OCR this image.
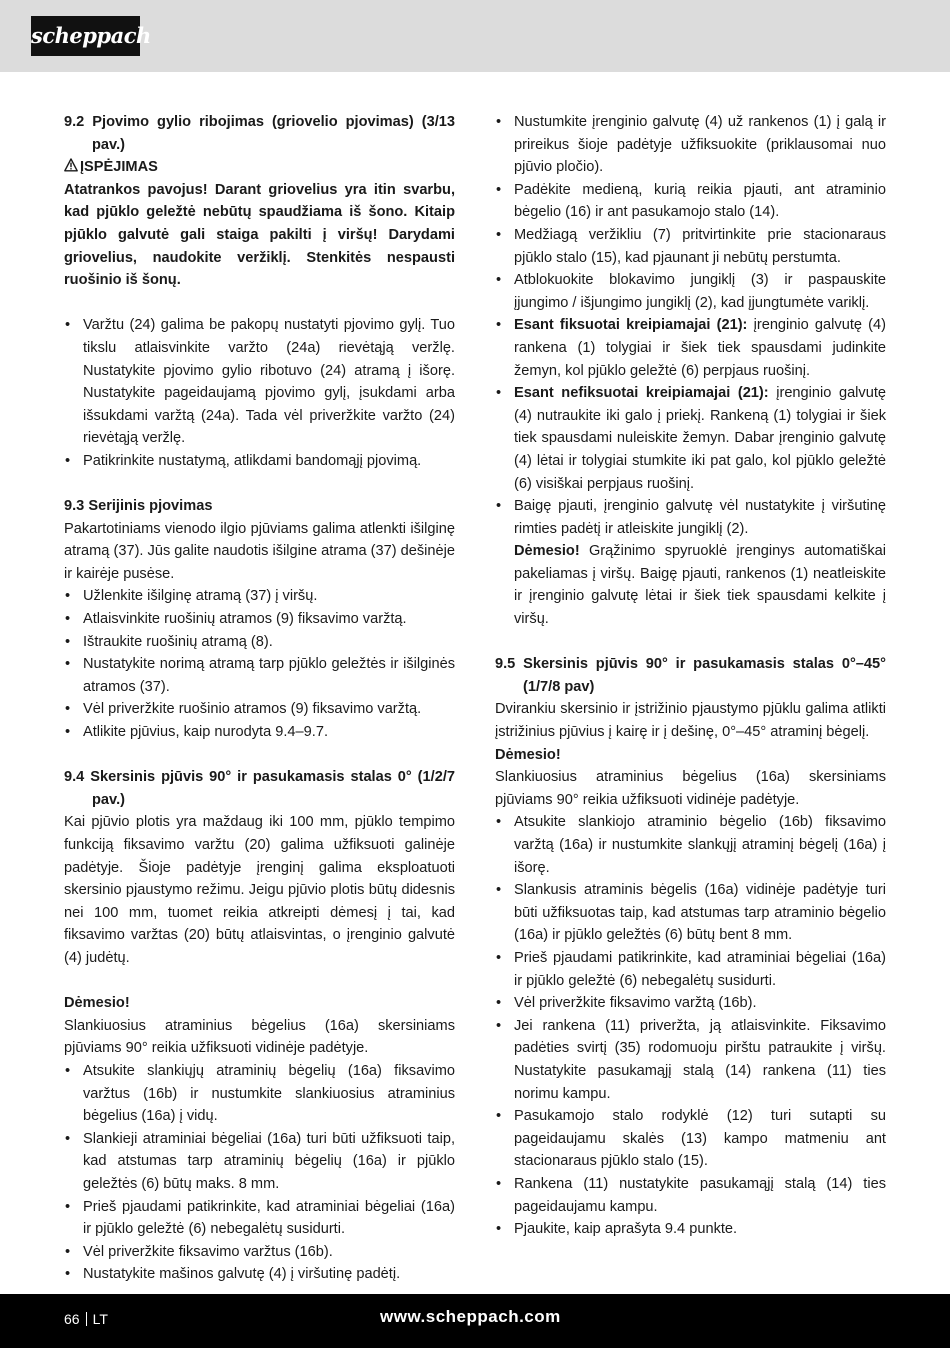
scheppach

9.2 Pjovimo gylio ribojimas (griovelio pjovimas) (3/13 pav.)

ĮSPĖJIMAS

Atatrankos pavojus! Darant griovelius yra itin svarbu, kad pjūklo geležtė nebūtų spaudžiama iš šono. Kitaip pjūklo galvutė gali staiga pakilti į viršų! Darydami griovelius, naudokite veržiklį. Stenkitės nespausti ruošinio iš šonų.

• Varžtu (24) galima be pakopų nustatyti pjovimo gylį. Tuo tikslu atlaisvinkite varžto (24a) rievėtąją veržlę. Nustatykite pjovimo gylio ribotuvo (24) atramą į išorę. Nustatykite pageidaujamą pjovimo gylį, įsukdami arba išsukdami varžtą (24a). Tada vėl priveržkite varžto (24) rievėtąją veržlę.

• Patikrinkite nustatymą, atlikdami bandomąjį pjovimą.

9.3 Serijinis pjovimas

Pakartotiniams vienodo ilgio pjūviams galima atlenkti išilginę atramą (37). Jūs galite naudotis išilgine atrama (37) dešinėje ir kairėje pusėse.

• Užlenkite išilginę atramą (37) į viršų.

• Atlaisvinkite ruošinių atramos (9) fiksavimo varžtą.

• Ištraukite ruošinių atramą (8).

• Nustatykite norimą atramą tarp pjūklo geležtės ir išilginės atramos (37).

• Vėl priveržkite ruošinio atramos (9) fiksavimo varžtą.

• Atlikite pjūvius, kaip nurodyta 9.4–9.7.

9.4 Skersinis pjūvis 90° ir pasukamasis stalas 0° (1/2/7 pav.)

Kai pjūvio plotis yra maždaug iki 100 mm, pjūklo tempimo funkciją fiksavimo varžtu (20) galima užfiksuoti galinėje padėtyje. Šioje padėtyje įrenginį galima eksploatuoti skersinio pjaustymo režimu. Jeigu pjūvio plotis būtų didesnis nei 100 mm, tuomet reikia atkreipti dėmesį į tai, kad fiksavimo varžtas (20) būtų atlaisvintas, o įrenginio galvutė (4) judėtų.

Dėmesio!

Slankiuosius atraminius bėgelius (16a) skersiniams pjūviams 90° reikia užfiksuoti vidinėje padėtyje.

• Atsukite slankiųjų atraminių bėgelių (16a) fiksavimo varžtus (16b) ir nustumkite slankiuosius atraminius bėgelius (16a) į vidų.

• Slankieji atraminiai bėgeliai (16a) turi būti užfiksuoti taip, kad atstumas tarp atraminių bėgelių (16a) ir pjūklo geležtės (6) būtų maks. 8 mm.

• Prieš pjaudami patikrinkite, kad atraminiai bėgeliai (16a) ir pjūklo geležtė (6) nebegalėtų susidurti.

• Vėl priveržkite fiksavimo varžtus (16b).

• Nustatykite mašinos galvutę (4) į viršutinę padėtį.

• Nustumkite įrenginio galvutę (4) už rankenos (1) į galą ir prireikus šioje padėtyje užfiksuokite (priklausomai nuo pjūvio pločio).

• Padėkite medieną, kurią reikia pjauti, ant atraminio bėgelio (16) ir ant pasukamojo stalo (14).

• Medžiagą veržikliu (7) pritvirtinkite prie stacionaraus pjūklo stalo (15), kad pjaunant ji nebūtų perstumta.

• Atblokuokite blokavimo jungiklį (3) ir paspauskite įjungimo / išjungimo jungiklį (2), kad įjungtumėte variklį.

• Esant fiksuotai kreipiamajai (21): įrenginio galvutę (4) rankena (1) tolygiai ir šiek tiek spausdami judinkite žemyn, kol pjūklo geležtė (6) perpjaus ruošinį.

• Esant nefiksuotai kreipiamajai (21): įrenginio galvutę (4) nutraukite iki galo į priekį. Rankeną (1) tolygiai ir šiek tiek spausdami nuleiskite žemyn. Dabar įrenginio galvutę (4) lėtai ir tolygiai stumkite iki pat galo, kol pjūklo geležtė (6) visiškai perpjaus ruošinį.

• Baigę pjauti, įrenginio galvutę vėl nustatykite į viršutinę rimties padėtį ir atleiskite jungiklį (2).

Dėmesio! Grąžinimo spyruoklė įrenginys automatiškai pakeliamas į viršų. Baigę pjauti, rankenos (1) neatleiskite ir įrenginio galvutę lėtai ir šiek tiek spausdami kelkite į viršų.

9.5 Skersinis pjūvis 90° ir pasukamasis stalas 0°–45° (1/7/8 pav)

Dvirankiu skersinio ir įstrižinio pjaustymo pjūklu galima atlikti įstrižinius pjūvius į kairę ir į dešinę, 0°–45° atraminį bėgelį.

Dėmesio!

Slankiuosius atraminius bėgelius (16a) skersiniams pjūviams 90° reikia užfiksuoti vidinėje padėtyje.

• Atsukite slankiojo atraminio bėgelio (16b) fiksavimo varžtą (16a) ir nustumkite slankųjį atraminį bėgelį (16a) į išorę.

• Slankusis atraminis bėgelis (16a) vidinėje padėtyje turi būti užfiksuotas taip, kad atstumas tarp atraminio bėgelio (16a) ir pjūklo geležtės (6) būtų bent 8 mm.

• Prieš pjaudami patikrinkite, kad atraminiai bėgeliai (16a) ir pjūklo geležtė (6) nebegalėtų susidurti.

• Vėl priveržkite fiksavimo varžtą (16b).

• Jei rankena (11) priveržta, ją atlaisvinkite. Fiksavimo padėties svirtį (35) rodomuoju pirštu patraukite į viršų. Nustatykite pasukamąjį stalą (14) rankena (11) ties norimu kampu.

• Pasukamojo stalo rodyklė (12) turi sutapti su pageidaujamu skalės (13) kampo matmeniu ant stacionaraus pjūklo stalo (15).

• Rankena (11) nustatykite pasukamąjį stalą (14) ties pageidaujamu kampu.

• Pjaukite, kaip aprašyta 9.4 punkte.

66 LT	www.scheppach.com
